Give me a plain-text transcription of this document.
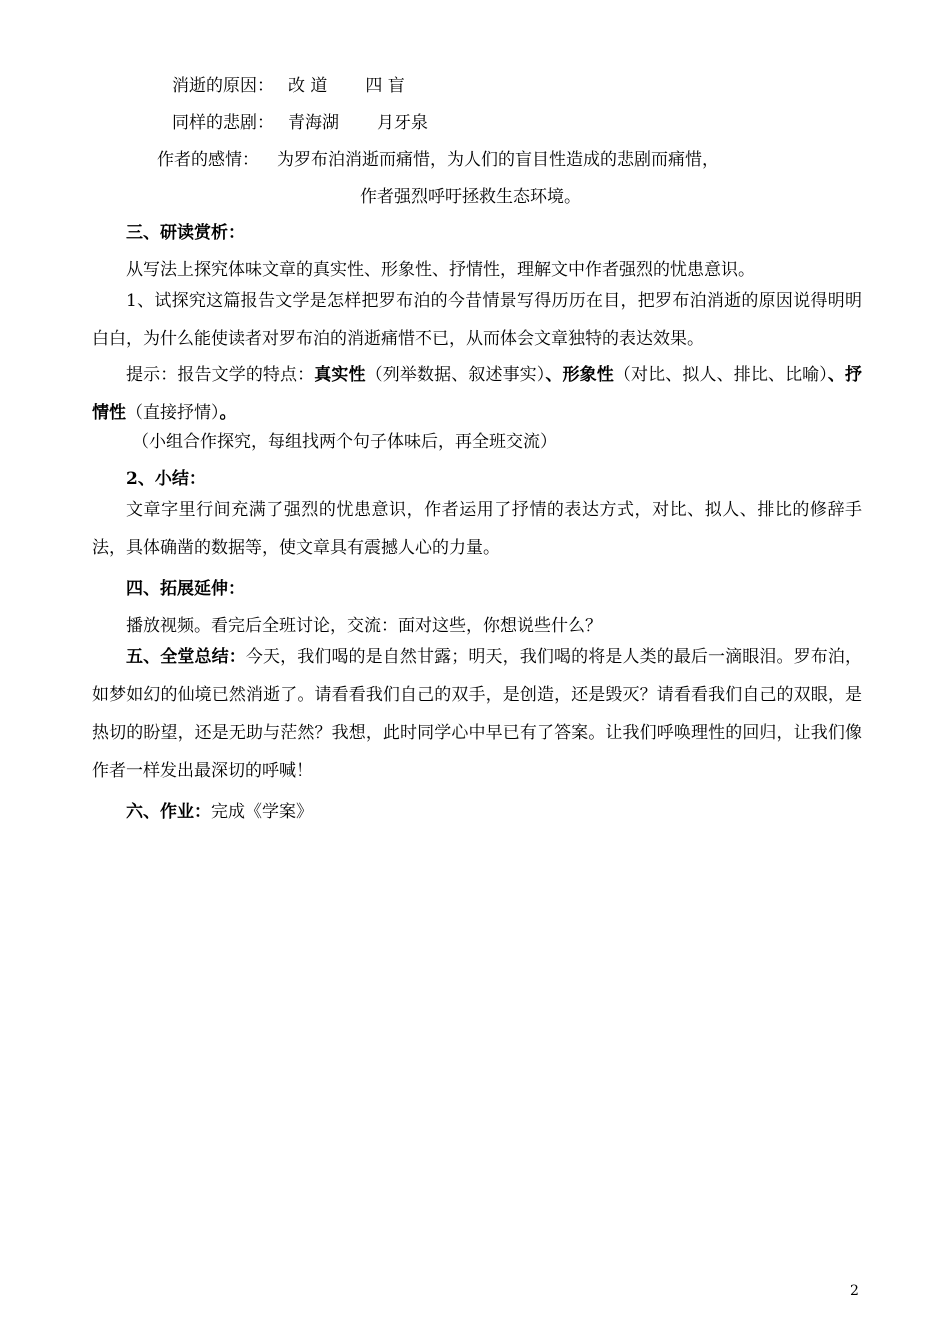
消逝的原因： 改 道 四 盲
同样的悲剧： 青海湖 月牙泉
作者的感情： 为罗布泊消逝而痛惜，为人们的盲目性造成的悲剧而痛惜，
作者强烈呼吁拯救生态环境。
三、研读赏析：
从写法上探究体味文章的真实性、形象性、抒情性，理解文中作者强烈的忧患意识。
1、试探究这篇报告文学是怎样把罗布泊的今昔情景写得历历在目，把罗布泊消逝的原因说得明明白白，为什么能使读者对罗布泊的消逝痛惜不已，从而体会文章独特的表达效果。
提示：报告文学的特点：真实性（列举数据、叙述事实）、形象性（对比、拟人、排比、比喻）、抒情性（直接抒情）。
（小组合作探究，每组找两个句子体味后，再全班交流）
2、小结：
文章字里行间充满了强烈的忧患意识，作者运用了抒情的表达方式，对比、拟人、排比的修辞手法，具体确凿的数据等，使文章具有震撼人心的力量。
四、拓展延伸：
播放视频。看完后全班讨论，交流：面对这些，你想说些什么？
五、全堂总结：今天，我们喝的是自然甘露；明天，我们喝的将是人类的最后一滴眼泪。罗布泊，如梦如幻的仙境已然消逝了。请看看我们自己的双手，是创造，还是毁灭？请看看我们自己的双眼，是热切的盼望，还是无助与茫然？我想，此时同学心中早已有了答案。让我们呼唤理性的回归，让我们像作者一样发出最深切的呼喊！
六、作业：完成《学案》
2
